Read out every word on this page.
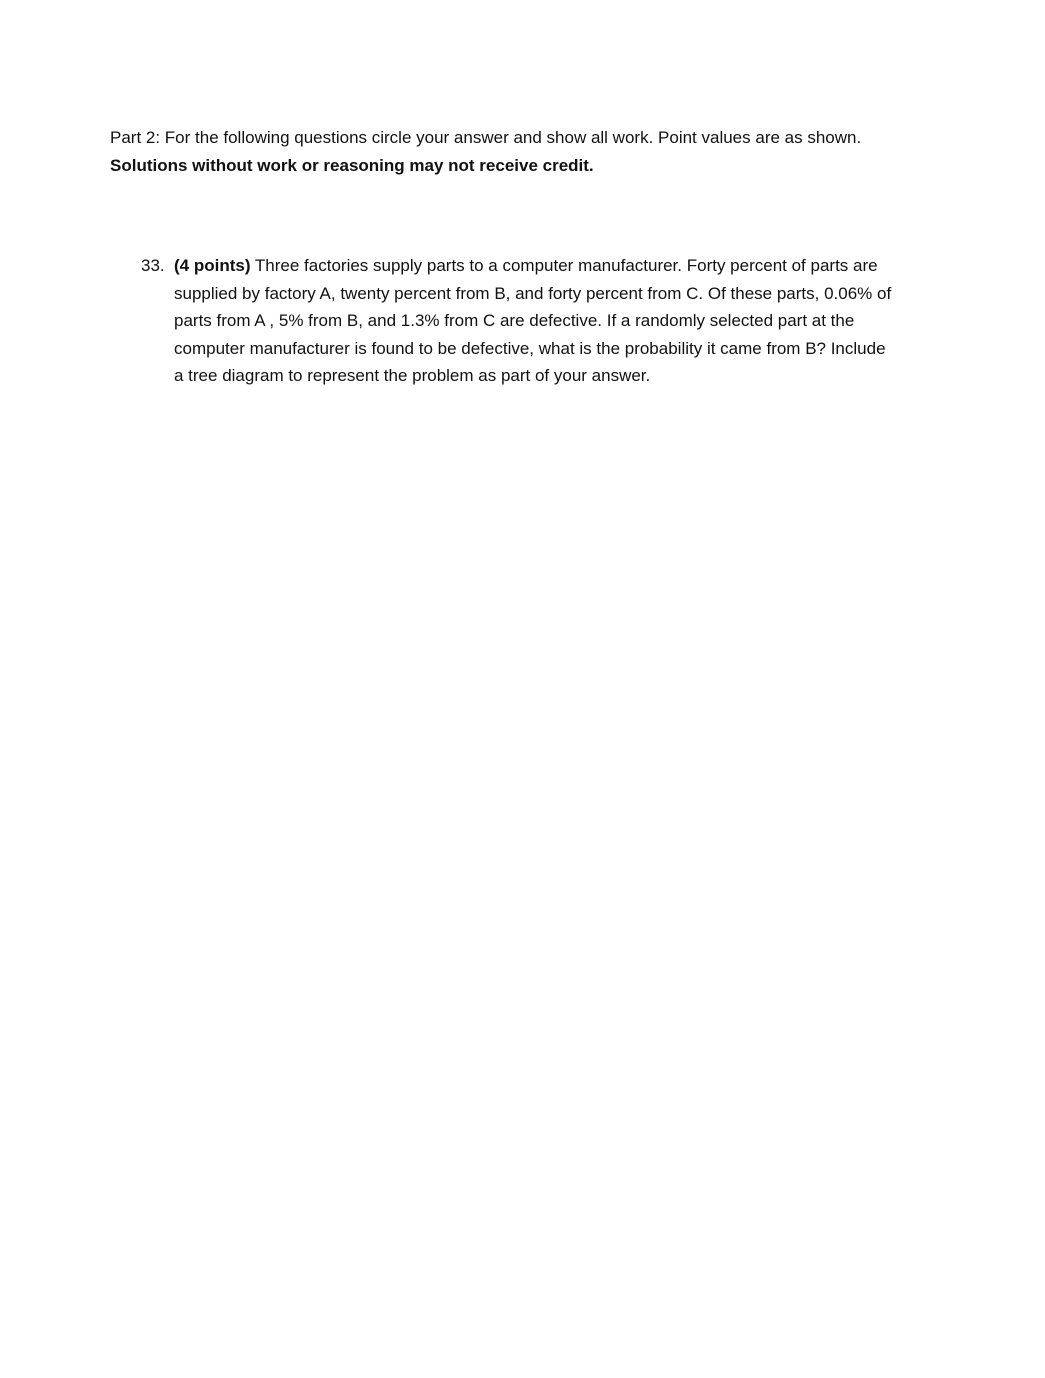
Part 2: For the following questions circle your answer and show all work. Point values are as shown.
Solutions without work or reasoning may not receive credit.
33. (4 points) Three factories supply parts to a computer manufacturer. Forty percent of parts are
supplied by factory A, twenty percent from B, and forty percent from C. Of these parts, 0.06% of
parts from A , 5% from B, and 1.3% from C are defective. If a randomly selected part at the
computer manufacturer is found to be defective, what is the probability it came from B? Include
a tree diagram to represent the problem as part of your answer.
